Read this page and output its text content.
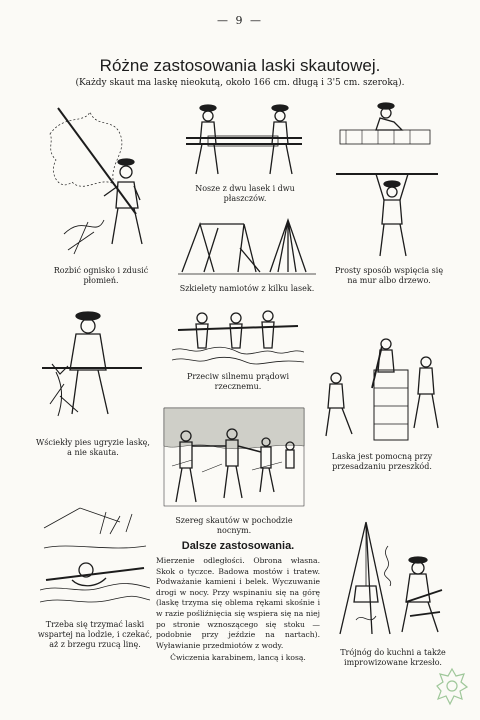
— 9 —
Różne zastosowania laski skautowej.
(Każdy skaut ma laskę nieokutą, około 166 cm. długą i 3'5 cm. szeroką).
Rozbić ognisko i zdusić płomień.
Nosze z dwu lasek i dwu płaszczów.
Szkielety namiotów z kilku lasek.
Prosty sposób wspięcia się na mur albo drzewo.
Wściekły pies ugryzie laskę, a nie skauta.
Przeciw silnemu prądowi rzecznemu.
Laska jest pomocną przy przesadzaniu przeszkód.
Szereg skautów w pochodzie nocnym.
Trzeba się trzymać laski wspartej na lodzie, i czekać, aż z brzegu rzucą linę.
Dalsze zastosowania.

Mierzenie odległości. Obrona własna. Skok o tyczce. Badowa mostów i tratew. Podważanie kamieni i belek. Wyczuwanie drogi w nocy. Przy wspinaniu się na górę (laskę trzyma się oblema rękami skośnie i w razie pośliźnięcia się wspiera się na niej po stronie wznoszącego się stoku — podobnie przy jeździe na nartach). Wyławianie przedmiotów z wody.

Ćwiczenia karabinem, lancą i kosą.
Trójnóg do kuchni a także improwizowane krzesło.
